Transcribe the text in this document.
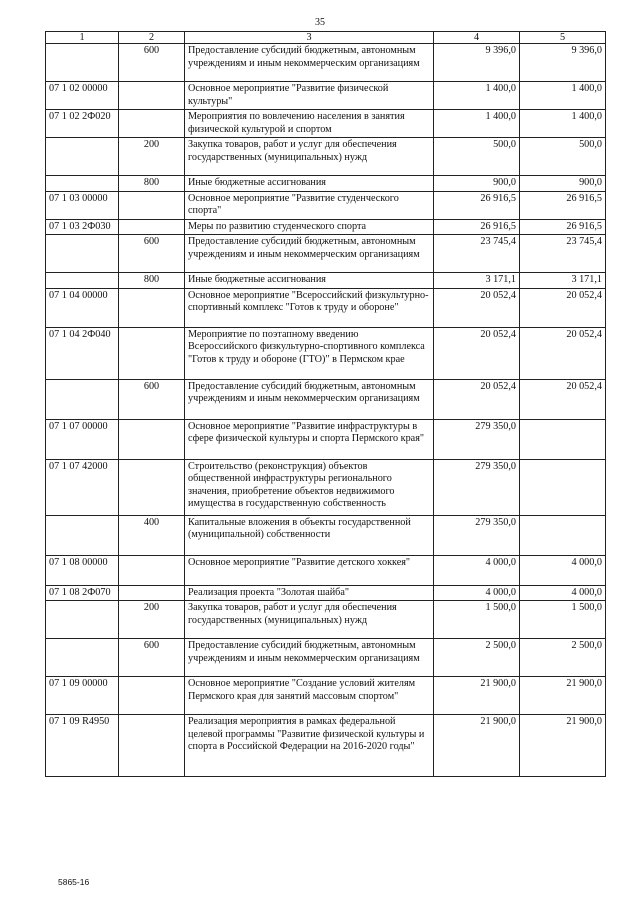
35
1	2	3	4	5
	600	Предоставление субсидий бюджетным, автономным учреждениям и иным некоммерческим организациям	9 396,0	9 396,0
07 1 02 00000		Основное мероприятие "Развитие физической культуры"	1 400,0	1 400,0
07 1 02 2Ф020		Мероприятия по вовлечению населения в занятия физической культурой и спортом	1 400,0	1 400,0
	200	Закупка товаров, работ и услуг для обеспечения государственных (муниципальных) нужд	500,0	500,0
	800	Иные бюджетные ассигнования	900,0	900,0
07 1 03 00000		Основное мероприятие "Развитие студенческого спорта"	26 916,5	26 916,5
07 1 03 2Ф030		Меры по развитию студенческого спорта	26 916,5	26 916,5
	600	Предоставление субсидий бюджетным, автономным учреждениям и иным некоммерческим организациям	23 745,4	23 745,4
	800	Иные бюджетные ассигнования	3 171,1	3 171,1
07 1 04 00000		Основное мероприятие "Всероссийский физкультурно-спортивный комплекс "Готов к труду и обороне"	20 052,4	20 052,4
07 1 04 2Ф040		Мероприятие по поэтапному введению Всероссийского физкультурно-спортивного комплекса "Готов к труду и обороне (ГТО)" в Пермском крае	20 052,4	20 052,4
	600	Предоставление субсидий бюджетным, автономным учреждениям и иным некоммерческим организациям	20 052,4	20 052,4
07 1 07 00000		Основное мероприятие "Развитие инфраструктуры в сфере физической культуры и спорта Пермского края"	279 350,0	
07 1 07 42000		Строительство (реконструкция) объектов общественной инфраструктуры регионального значения, приобретение объектов недвижимого имущества в государственную собственность	279 350,0	
	400	Капитальные вложения в объекты государственной (муниципальной) собственности	279 350,0	
07 1 08 00000		Основное мероприятие "Развитие детского хоккея"	4 000,0	4 000,0
07 1 08 2Ф070		Реализация проекта "Золотая шайба"	4 000,0	4 000,0
	200	Закупка товаров, работ и услуг для обеспечения государственных (муниципальных) нужд	1 500,0	1 500,0
	600	Предоставление субсидий бюджетным, автономным учреждениям и иным некоммерческим организациям	2 500,0	2 500,0
07 1 09 00000		Основное мероприятие "Создание условий жителям Пермского края для занятий массовым спортом"	21 900,0	21 900,0
07 1 09 R4950		Реализация мероприятия в рамках федеральной целевой программы "Развитие физической культуры и спорта в Российской Федерации на 2016-2020 годы"	21 900,0	21 900,0
5865-16
